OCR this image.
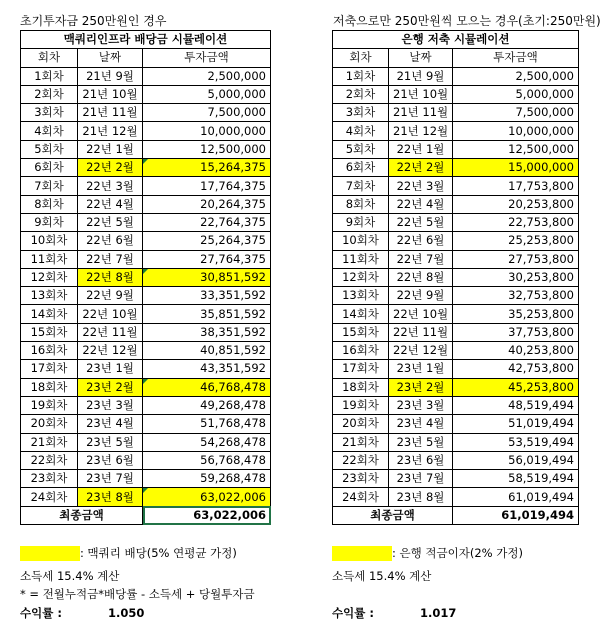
초기투자금 250만원인 경우
맥쿼리인프라 배당금 시뮬레이션		
회차	날짜	투자금액
1회차	21년 9월	2,500,000
2회차	21년 10월	5,000,000
3회차	21년 11월	7,500,000
4회차	21년 12월	10,000,000
5회차	22년 1월	12,500,000
6회차	22년 2월	15,264,375
7회차	22년 3월	17,764,375
8회차	22년 4월	20,264,375
9회차	22년 5월	22,764,375
10회차	22년 6월	25,264,375
11회차	22년 7월	27,764,375
12회차	22년 8월	30,851,592
13회차	22년 9월	33,351,592
14회차	22년 10월	35,851,592
15회차	22년 11월	38,351,592
16회차	22년 12월	40,851,592
17회차	23년 1월	43,351,592
18회차	23년 2월	46,768,478
19회차	23년 3월	49,268,478
20회차	23년 4월	51,768,478
21회차	23년 5월	54,268,478
22회차	23년 6월	56,768,478
23회차	23년 7월	59,268,478
24회차	23년 8월	63,022,006
최종금액		63,022,006
저축으로만 250만원씩 모으는 경우(초기:250만원)
은행 저축 시뮬레이션		
회차	날짜	투자금액
1회차	21년 9월	2,500,000
2회차	21년 10월	5,000,000
3회차	21년 11월	7,500,000
4회차	21년 12월	10,000,000
5회차	22년 1월	12,500,000
6회차	22년 2월	15,000,000
7회차	22년 3월	17,753,800
8회차	22년 4월	20,253,800
9회차	22년 5월	22,753,800
10회차	22년 6월	25,253,800
11회차	22년 7월	27,753,800
12회차	22년 8월	30,253,800
13회차	22년 9월	32,753,800
14회차	22년 10월	35,253,800
15회차	22년 11월	37,753,800
16회차	22년 12월	40,253,800
17회차	23년 1월	42,753,800
18회차	23년 2월	45,253,800
19회차	23년 3월	48,519,494
20회차	23년 4월	51,019,494
21회차	23년 5월	53,519,494
22회차	23년 6월	56,019,494
23회차	23년 7월	58,519,494
24회차	23년 8월	61,019,494
최종금액		61,019,494
: 맥쿼리 배당(5% 연평균 가정)
소득세 15.4% 계산
* = 전월누적금*배당률 - 소득세 + 당월투자금
수익률 :	1.050
: 은행 적금이자(2% 가정)
소득세 15.4% 계산
수익률 :	1.017
